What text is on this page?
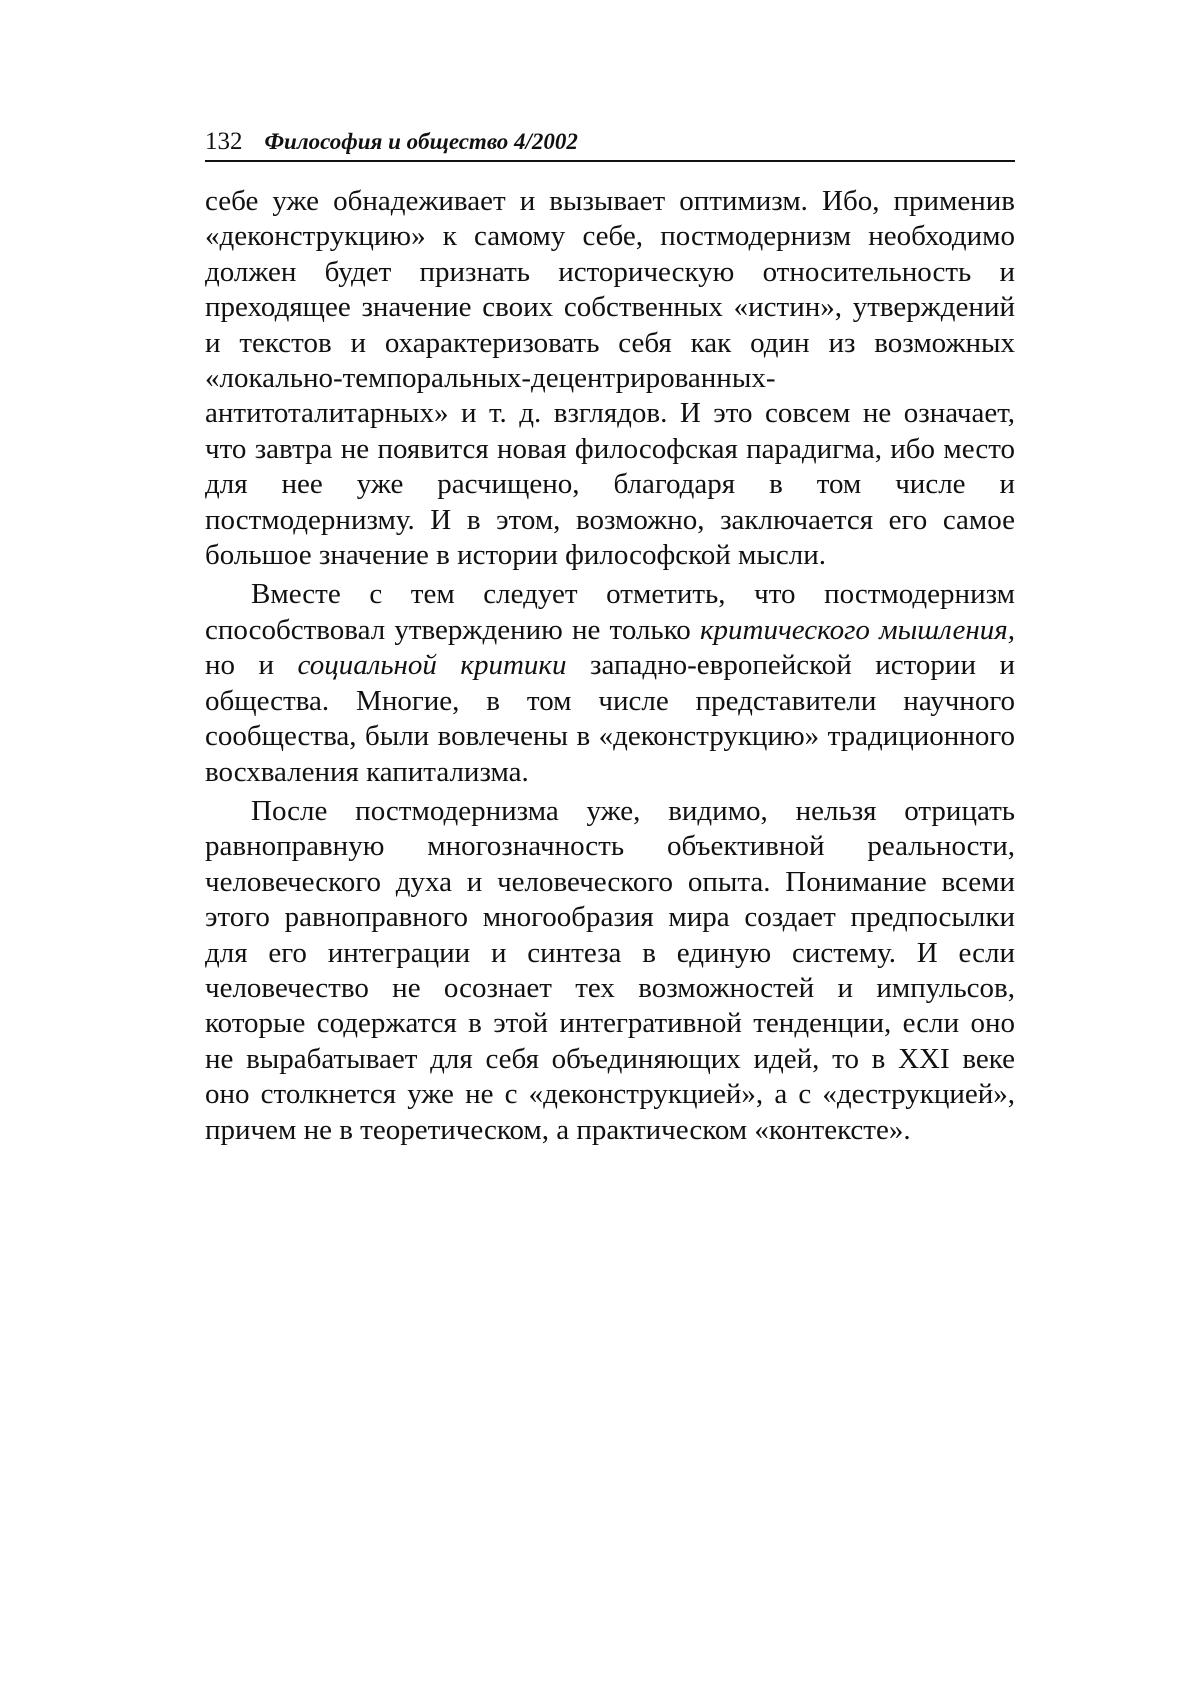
132 Философия и общество 4/2002

себе уже обнадеживает и вызывает оптимизм. Ибо, применив «деконструкцию» к самому себе, постмодернизм необходимо должен будет признать историческую относительность и преходящее значение своих собственных «истин», утверждений и текстов и охарактеризовать себя как один из возможных «локально-темпоральных-децентрированных-антитоталитарных» и т. д. взглядов. И это совсем не означает, что завтра не появится новая философская парадигма, ибо место для нее уже расчищено, благодаря в том числе и постмодернизму. И в этом, возможно, заключается его самое большое значение в истории философской мысли.

Вместе с тем следует отметить, что постмодернизм способствовал утверждению не только критического мышления, но и социальной критики западно-европейской истории и общества. Многие, в том числе представители научного сообщества, были вовлечены в «деконструкцию» традиционного восхваления капитализма.

После постмодернизма уже, видимо, нельзя отрицать равноправную многозначность объективной реальности, человеческого духа и человеческого опыта. Понимание всеми этого равноправного многообразия мира создает предпосылки для его интеграции и синтеза в единую систему. И если человечество не осознает тех возможностей и импульсов, которые содержатся в этой интегративной тенденции, если оно не вырабатывает для себя объединяющих идей, то в XXI веке оно столкнется уже не с «деконструкцией», а с «деструкцией», причем не в теоретическом, а практическом «контексте».
